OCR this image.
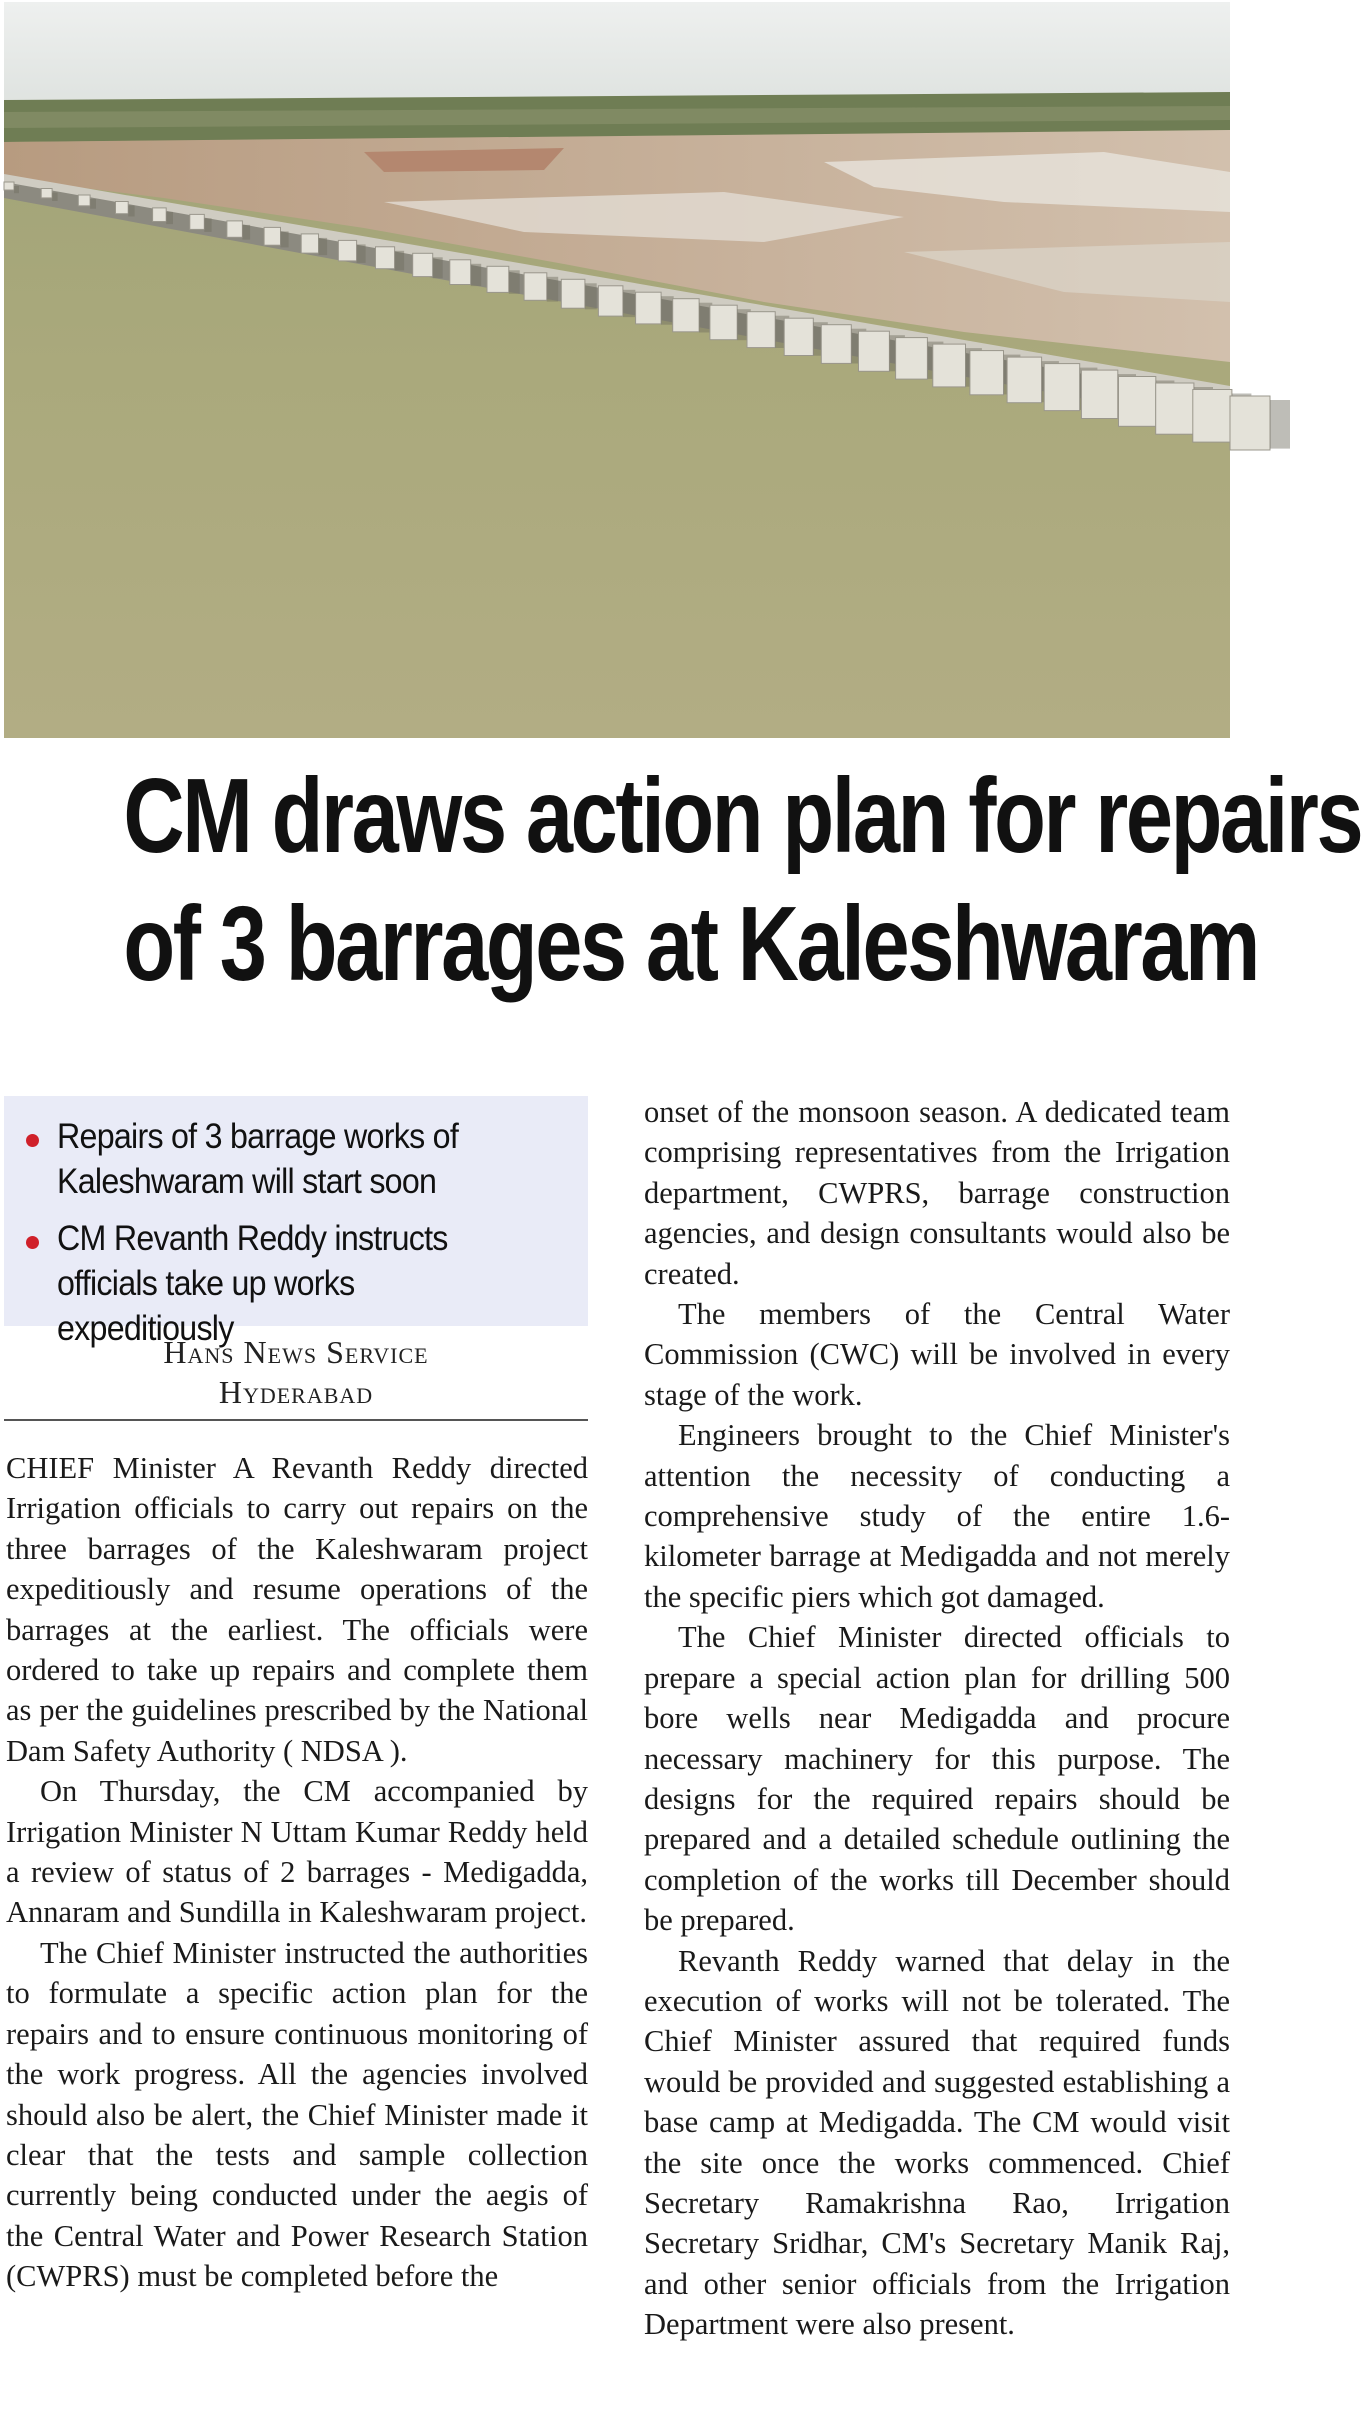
CM draws action plan for repairs
of 3 barrages at Kaleshwaram
Repairs of 3 barrage works of Kaleshwaram will start soon
CM Revanth Reddy instructs officials take up works expeditiously
Hans News Service
Hyderabad

CHIEF Minister A Revanth Reddy directed Irrigation officials to carry out repairs on the three barrages of the Kaleshwaram project expeditiously and resume operations of the barrages at the earliest. The officials were ordered to take up repairs and complete them as per the guidelines prescribed by the National Dam Safety Authority ( NDSA ).

On Thursday, the CM accompanied by Irrigation Minister N Uttam Kumar Reddy held a review of status of 2 barrages - Medigadda, Annaram and Sundilla in Kaleshwaram project.

The Chief Minister instructed the authorities to formulate a specific action plan for the repairs and to ensure continuous monitoring of the work progress. All the agencies involved should also be alert, the Chief Minister made it clear that the tests and sample collection currently being conducted under the aegis of the Central Water and Power Research Station (CWPRS) must be completed before the

onset of the monsoon season. A dedicated team comprising representatives from the Irrigation department, CWPRS, barrage construction agencies, and design consultants would also be created.

The members of the Central Water Commission (CWC) will be involved in every stage of the work.

Engineers brought to the Chief Minister's attention the necessity of conducting a comprehensive study of the entire 1.6-kilometer barrage at Medigadda and not merely the specific piers which got damaged.

The Chief Minister directed officials to prepare a special action plan for drilling 500 bore wells near Medigadda and procure necessary machinery for this purpose. The designs for the required repairs should be prepared and a detailed schedule outlining the completion of the works till December should be prepared.

Revanth Reddy warned that delay in the execution of works will not be tolerated. The Chief Minister assured that required funds would be provided and suggested establishing a base camp at Medigadda. The CM would visit the site once the works commenced. Chief Secretary Ramakrishna Rao, Irrigation Secretary Sridhar, CM's Secretary Manik Raj, and other senior officials from the Irrigation Department were also present.
